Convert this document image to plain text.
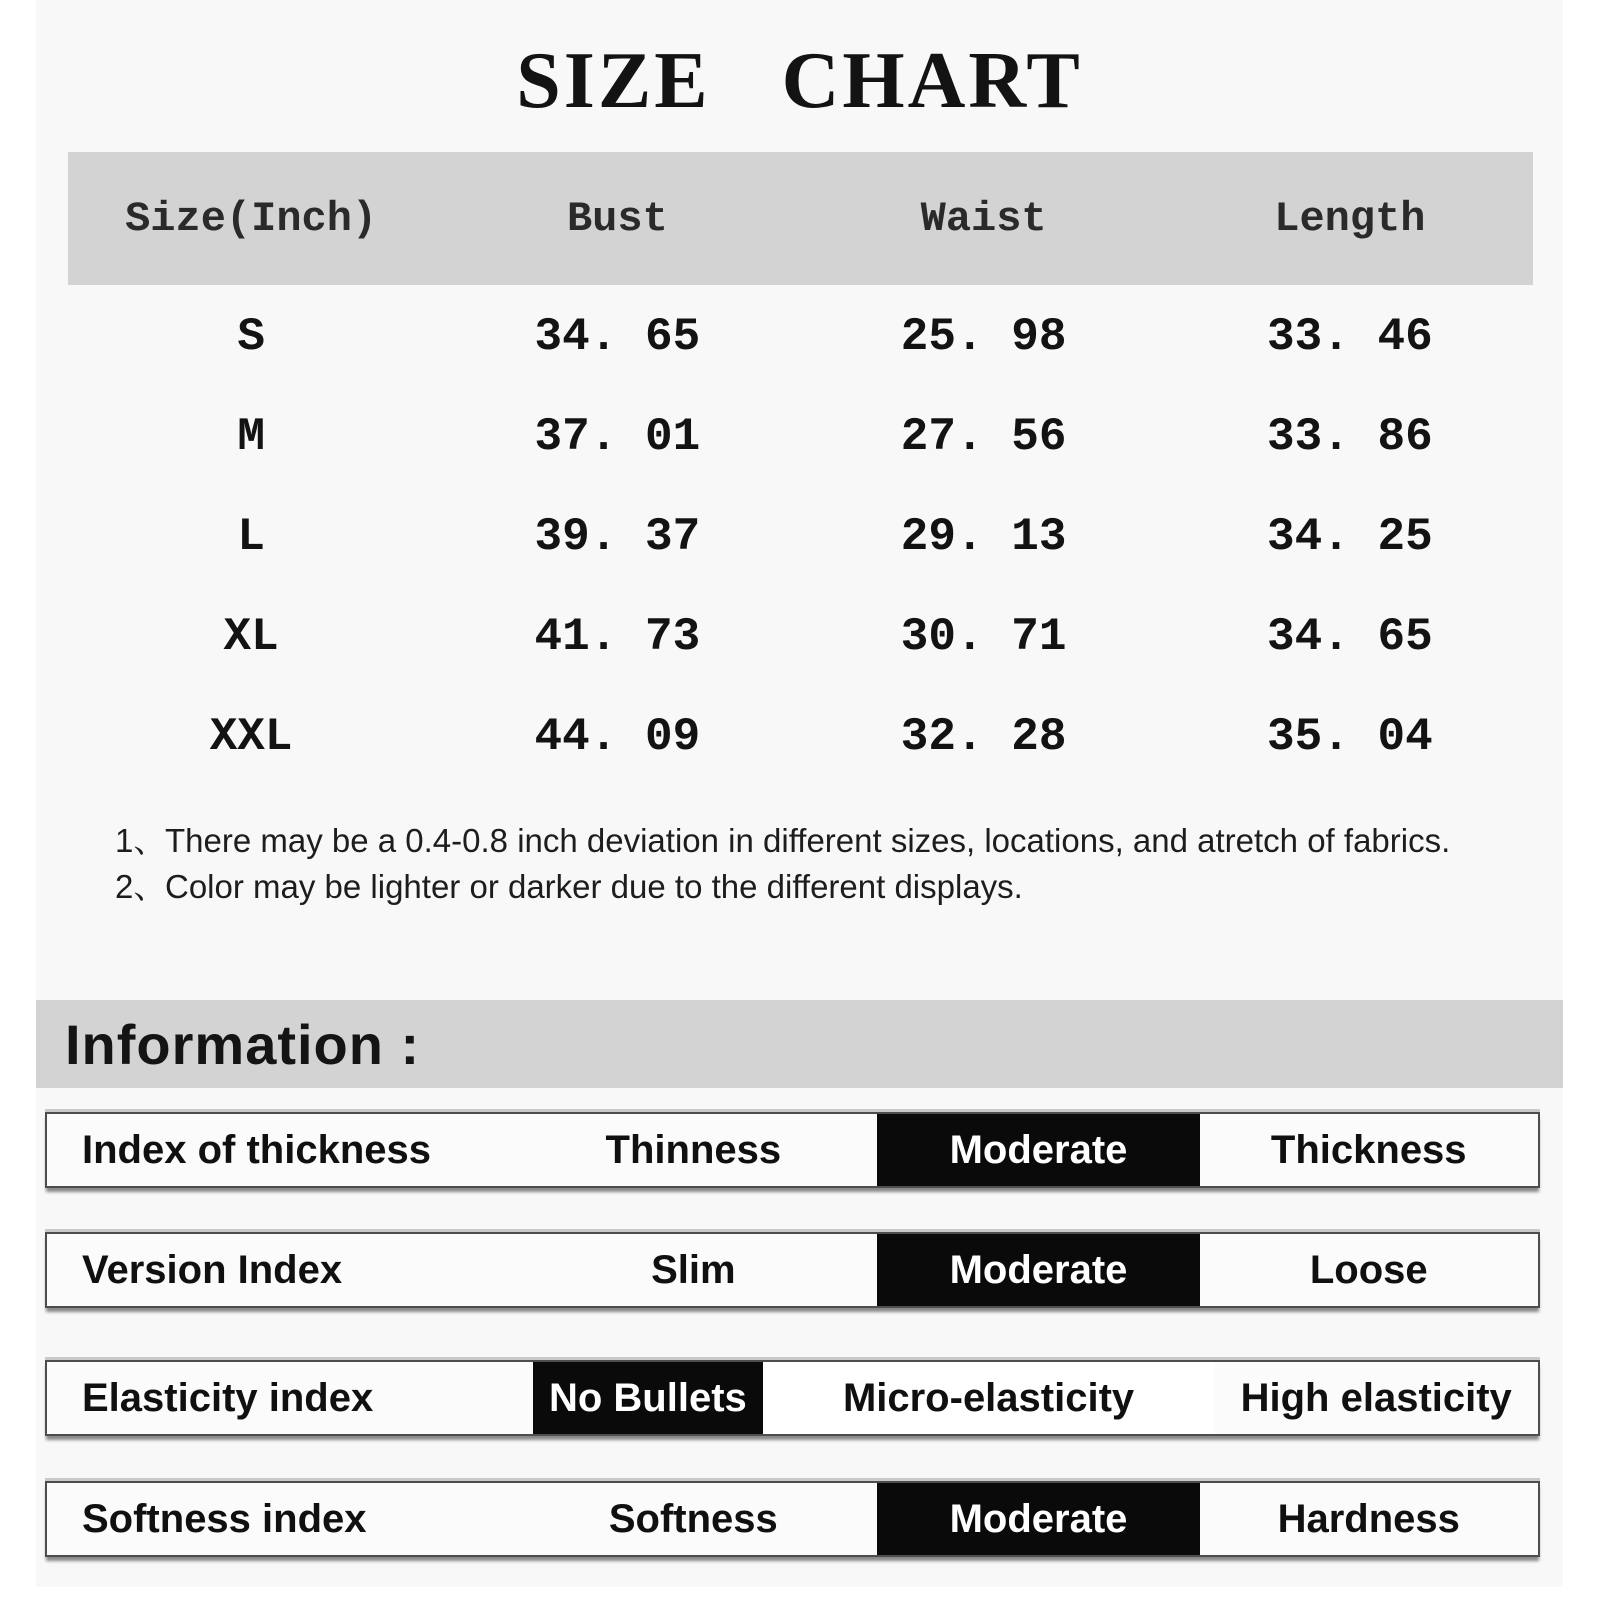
SIZE CHART
Size(Inch)	Bust	Waist	Length
S	34. 65	25. 98	33. 46
M	37. 01	27. 56	33. 86
L	39. 37	29. 13	34. 25
XL	41. 73	30. 71	34. 65
XXL	44. 09	32. 28	35. 04
1、
There may be a 0.4-0.8 inch deviation in different sizes, locations, and atretch of fabrics.
2、
Color may be lighter or darker due to the different displays.
Information :
Index of thickness	Thinness	Moderate	Thickness
Version Index	Slim	Moderate	Loose
Elasticity index	No Bullets	Micro-elasticity	High elasticity
Softness index	Softness	Moderate	Hardness
